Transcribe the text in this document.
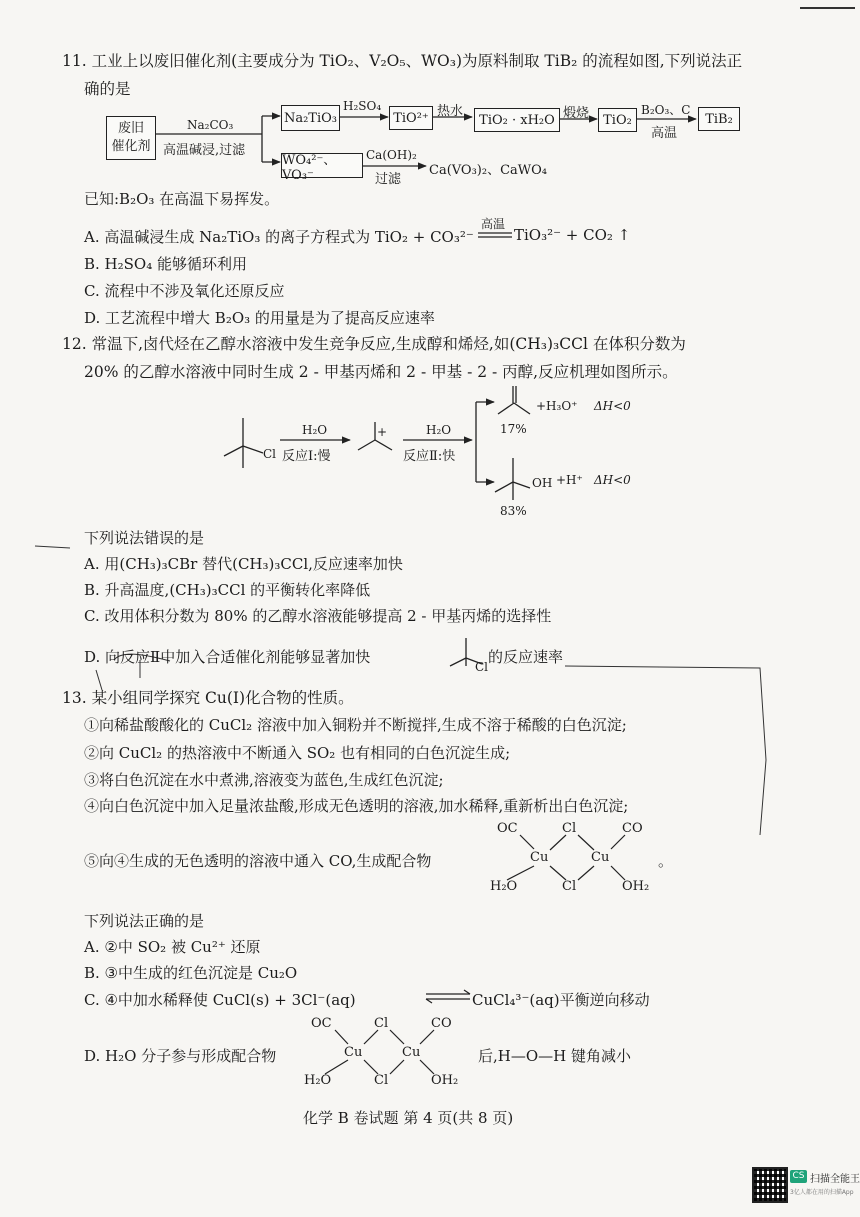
11. 工业上以废旧催化剂(主要成分为 TiO₂、V₂O₅、WO₃)为原料制取 TiB₂ 的流程如图,下列说法正
确的是
废旧
催化剂
Na₂CO₃
高温碱浸,过滤
Na₂TiO₃
H₂SO₄
TiO²⁺ 热水
TiO₂ · xH₂O 煅烧	TiO₂
B₂O₃、C
高温
TiB₂
WO₄²⁻、VO₃⁻
Ca(OH)₂
过滤
Ca(VO₃)₂、CaWO₄
已知:B₂O₃ 在高温下易挥发。
A. 高温碱浸生成 Na₂TiO₃ 的离子方程式为 TiO₂ + CO₃²⁻
高温
TiO₃²⁻ + CO₂ ↑
B. H₂SO₄ 能够循环利用
C. 流程中不涉及氧化还原反应
D. 工艺流程中增大 B₂O₃ 的用量是为了提高反应速率
12. 常温下,卤代烃在乙醇水溶液中发生竞争反应,生成醇和烯烃,如(CH₃)₃CCl 在体积分数为
20% 的乙醇水溶液中同时生成 2 - 甲基丙烯和 2 - 甲基 - 2 - 丙醇,反应机理如图所示。
Cl
H₂O
反应Ⅰ:慢
+	H₂O
反应Ⅱ:快
+H₃O⁺ ΔH<0
17%
OH +H⁺ ΔH<0
83%
下列说法错误的是
A. 用(CH₃)₃CBr 替代(CH₃)₃CCl,反应速率加快
B. 升高温度,(CH₃)₃CCl 的平衡转化率降低
C. 改用体积分数为 80% 的乙醇水溶液能够提高 2 - 甲基丙烯的选择性
D. 向反应Ⅱ中加入合适催化剂能够显著加快
Cl
的反应速率
13. 某小组同学探究 Cu(Ⅰ)化合物的性质。
①向稀盐酸酸化的 CuCl₂ 溶液中加入铜粉并不断搅拌,生成不溶于稀酸的白色沉淀;
②向 CuCl₂ 的热溶液中不断通入 SO₂ 也有相同的白色沉淀生成;
③将白色沉淀在水中煮沸,溶液变为蓝色,生成红色沉淀;
④向白色沉淀中加入足量浓盐酸,形成无色透明的溶液,加水稀释,重新析出白色沉淀;
⑤向④生成的无色透明的溶液中通入 CO,生成配合物	。
OC	Cl	CO
Cu	Cu
H₂O	Cl	OH₂
下列说法正确的是
A. ②中 SO₂ 被 Cu²⁺ 还原
B. ③中生成的红色沉淀是 Cu₂O
C. ④中加水稀释使 CuCl(s) + 3Cl⁻(aq)	CuCl₄³⁻(aq)平衡逆向移动
D. H₂O 分子参与形成配合物	后,H—O—H 键角减小
OC	Cl	CO
Cu	Cu
H₂O	Cl	OH₂
化学 B 卷试题 第 4 页(共 8 页)
CS 扫描全能王
3亿人都在用的扫描App
